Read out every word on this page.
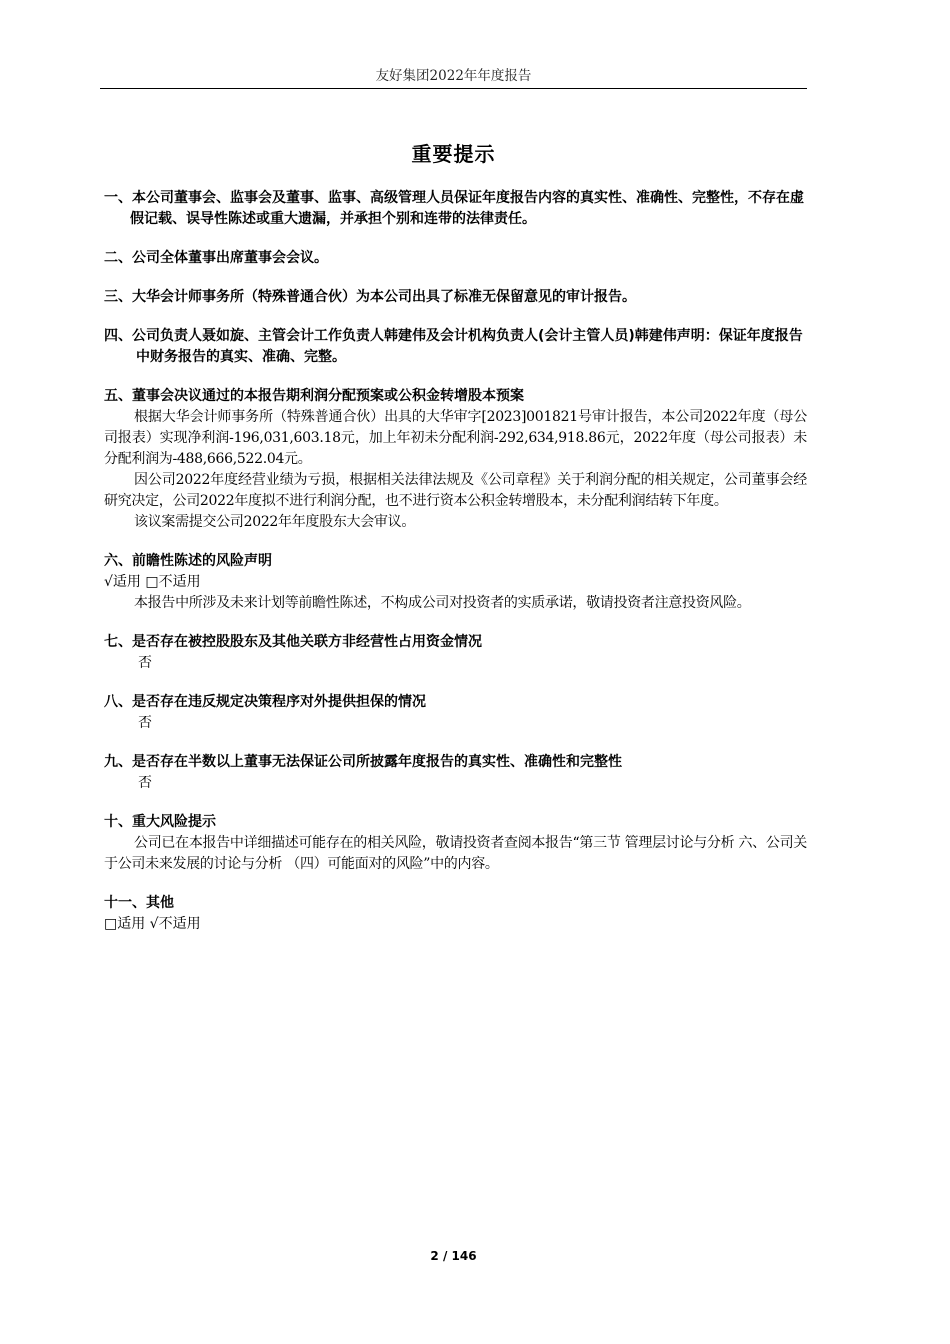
友好集团2022年年度报告
重要提示
一、本公司董事会、监事会及董事、监事、高级管理人员保证年度报告内容的真实性、准确性、完整性，不存在虚假记载、误导性陈述或重大遗漏，并承担个别和连带的法律责任。
二、 公司全体董事出席董事会会议。
三、 大华会计师事务所（特殊普通合伙）为本公司出具了标准无保留意见的审计报告。
四、公司负责人聂如旋、主管会计工作负责人韩建伟及会计机构负责人(会计主管人员)韩建伟声明：保证年度报告中财务报告的真实、准确、完整。
五、 董事会决议通过的本报告期利润分配预案或公积金转增股本预案
根据大华会计师事务所（特殊普通合伙）出具的大华审字[2023]001821号审计报告，本公司2022年度（母公司报表）实现净利润-196,031,603.18元，加上年初未分配利润-292,634,918.86元，2022年度（母公司报表）未分配利润为-488,666,522.04元。
因公司2022年度经营业绩为亏损，根据相关法律法规及《公司章程》关于利润分配的相关规定，公司董事会经研究决定，公司2022年度拟不进行利润分配，也不进行资本公积金转增股本，未分配利润结转下年度。
该议案需提交公司2022年年度股东大会审议。
六、 前瞻性陈述的风险声明
√适用 □不适用
本报告中所涉及未来计划等前瞻性陈述，不构成公司对投资者的实质承诺，敬请投资者注意投资风险。
七、 是否存在被控股股东及其他关联方非经营性占用资金情况
否
八、 是否存在违反规定决策程序对外提供担保的情况
否
九、 是否存在半数以上董事无法保证公司所披露年度报告的真实性、准确性和完整性
否
十、 重大风险提示
公司已在本报告中详细描述可能存在的相关风险，敬请投资者查阅本报告“第三节 管理层讨论与分析 六、公司关于公司未来发展的讨论与分析 （四）可能面对的风险”中的内容。
十一、 其他
□适用 √不适用
2 / 146
